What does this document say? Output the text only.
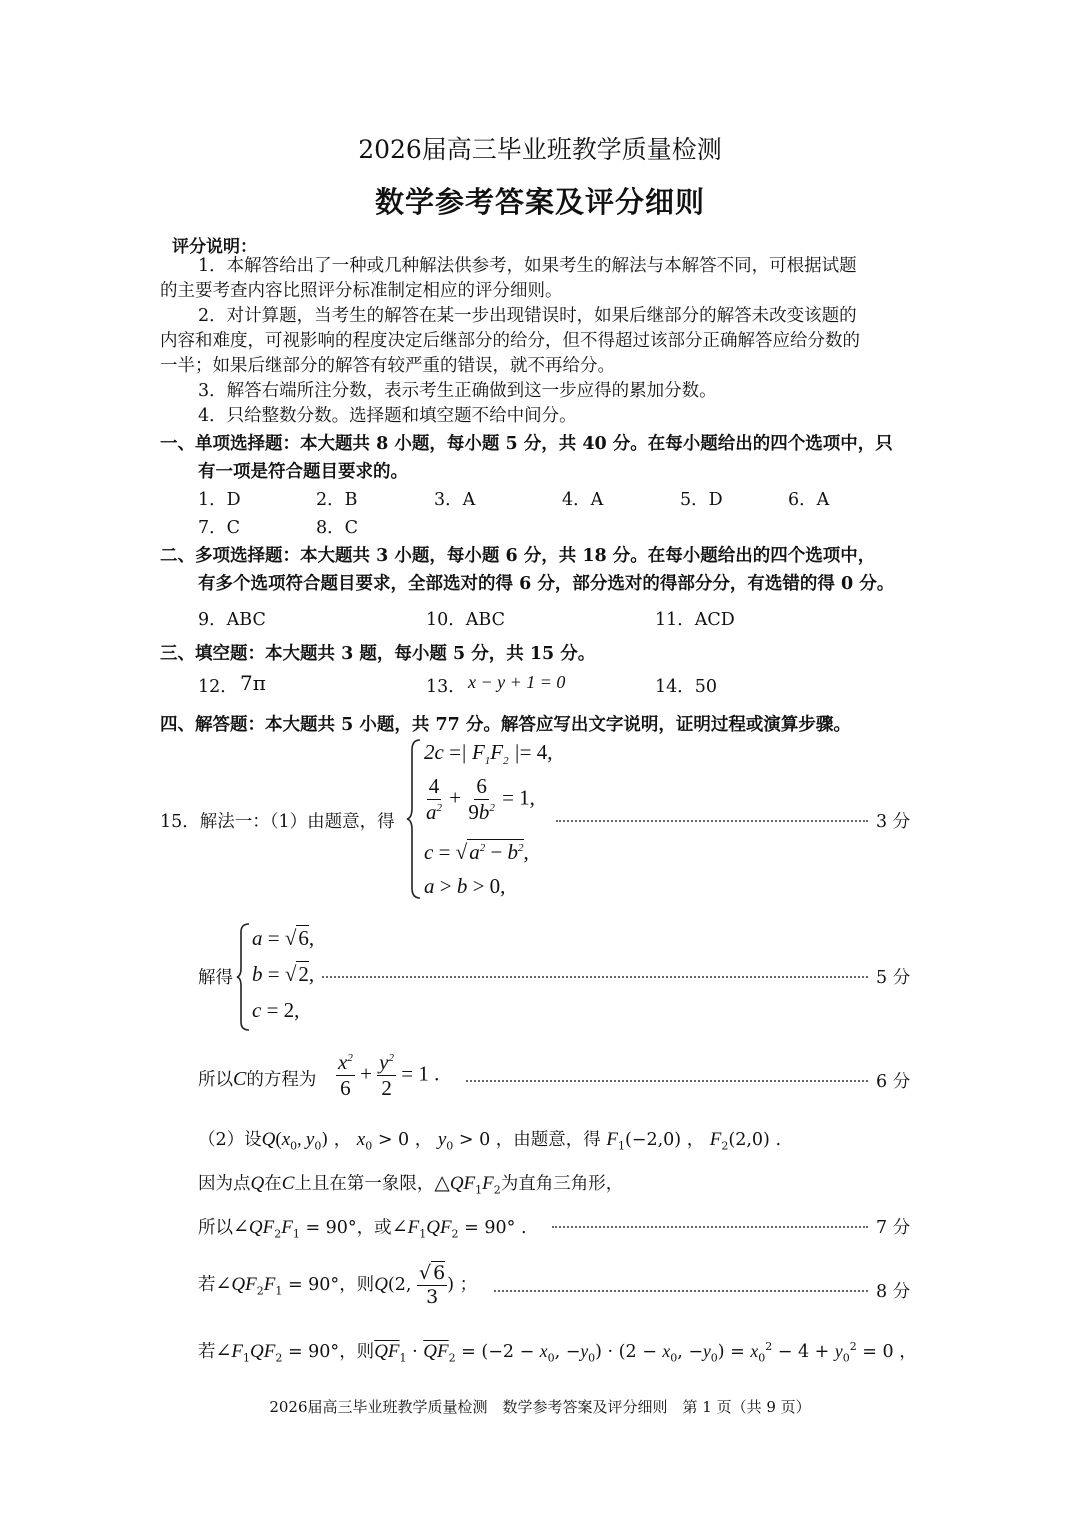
2026届高三毕业班教学质量检测
数学参考答案及评分细则
评分说明：
1．本解答给出了一种或几种解法供参考，如果考生的解法与本解答不同，可根据试题
的主要考查内容比照评分标准制定相应的评分细则。
2．对计算题，当考生的解答在某一步出现错误时，如果后继部分的解答未改变该题的
内容和难度，可视影响的程度决定后继部分的给分，但不得超过该部分正确解答应给分数的
一半；如果后继部分的解答有较严重的错误，就不再给分。
3．解答右端所注分数，表示考生正确做到这一步应得的累加分数。
4．只给整数分数。选择题和填空题不给中间分。
一、单项选择题：本大题共 8 小题，每小题 5 分，共 40 分。在每小题给出的四个选项中，只
有一项是符合题目要求的。
1．D	2．B	3．A	4．A	5．D	6．A
7．C	8．C
二、多项选择题：本大题共 3 小题，每小题 6 分，共 18 分。在每小题给出的四个选项中，
有多个选项符合题目要求，全部选对的得 6 分，部分选对的得部分分，有选错的得 0 分。
9．ABC	10．ABC	11．ACD
三、填空题：本大题共 3 题，每小题 5 分，共 15 分。
12． 7π	13． x − y + 1 = 0	14．50
四、解答题：本大题共 5 小题，共 77 分。解答应写出文字说明，证明过程或演算步骤。
15．解法一：（1）由题意，得
2c =| $F_1F_2$ |= 4,
$\frac{4}{a^2} + \frac{6}{9b^2} = 1$,
$c = √a^2 - b^2$,
a > b > 0,
3 分
解得
a = √6,
b = √2,
c = 2,
5 分
所以C的方程为 $\frac{x^2}{6} + \frac{y^2}{2} = 1$ .	6 分
（2）设$Q(x_0$, $y_0$) ， $x_0 > 0$ ， $y_0 > 0$ ，由题意，得 $F_1(-2,0)$ ， $F_2(2,0)$ .
因为点Q在C上且在第一象限，$\triangle QF_1F_2$为直角三角形，
所以$\angle QF_2F_1 = 90^\circ$，或$\angle F_1QF_2 = 90^\circ$ .	7 分
若$\angle QF_2F_1 = 90^\circ$，则Q(2, $\frac{√ 6}{3}$ ) ；	8 分
若$\angle F_1QF_2 = 90^\circ$，则$\overline{QF}_1 \cdot \overline{QF}_2 = (-2 - x_0$, $-y_0) \cdot (2 - x_0$, $-y_0) = x_0^2 - 4 + y_0^2 = 0$ ，
2026届高三毕业班教学质量检测　数学参考答案及评分细则　第 1 页（共 9 页）
